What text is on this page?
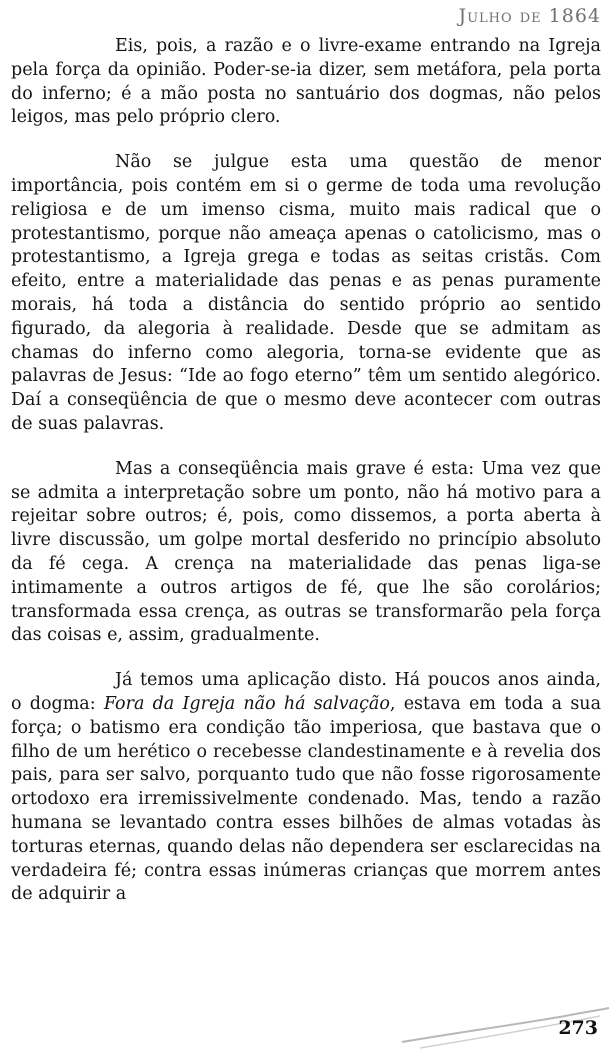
Julho de 1864

Eis, pois, a razão e o livre-exame entrando na Igreja pela força da opinião. Poder-se-ia dizer, sem metáfora, pela porta do inferno; é a mão posta no santuário dos dogmas, não pelos leigos, mas pelo próprio clero.

Não se julgue esta uma questão de menor importância, pois contém em si o germe de toda uma revolução religiosa e de um imenso cisma, muito mais radical que o protestantismo, porque não ameaça apenas o catolicismo, mas o protestantismo, a Igreja grega e todas as seitas cristãs. Com efeito, entre a materialidade das penas e as penas puramente morais, há toda a distância do sentido próprio ao sentido figurado, da alegoria à realidade. Desde que se admitam as chamas do inferno como alegoria, torna-se evidente que as palavras de Jesus: “Ide ao fogo eterno” têm um sentido alegórico. Daí a conseqüência de que o mesmo deve acontecer com outras de suas palavras.

Mas a conseqüência mais grave é esta: Uma vez que se admita a interpretação sobre um ponto, não há motivo para a rejeitar sobre outros; é, pois, como dissemos, a porta aberta à livre discussão, um golpe mortal desferido no princípio absoluto da fé cega. A crença na materialidade das penas liga-se intimamente a outros artigos de fé, que lhe são corolários; transformada essa crença, as outras se transformarão pela força das coisas e, assim, gradualmente.

Já temos uma aplicação disto. Há poucos anos ainda, o dogma: Fora da Igreja não há salvação, estava em toda a sua força; o batismo era condição tão imperiosa, que bastava que o filho de um herético o recebesse clandestinamente e à revelia dos pais, para ser salvo, porquanto tudo que não fosse rigorosamente ortodoxo era irremissivelmente condenado. Mas, tendo a razão humana se levantado contra esses bilhões de almas votadas às torturas eternas, quando delas não dependera ser esclarecidas na verdadeira fé; contra essas inúmeras crianças que morrem antes de adquirir a

273
